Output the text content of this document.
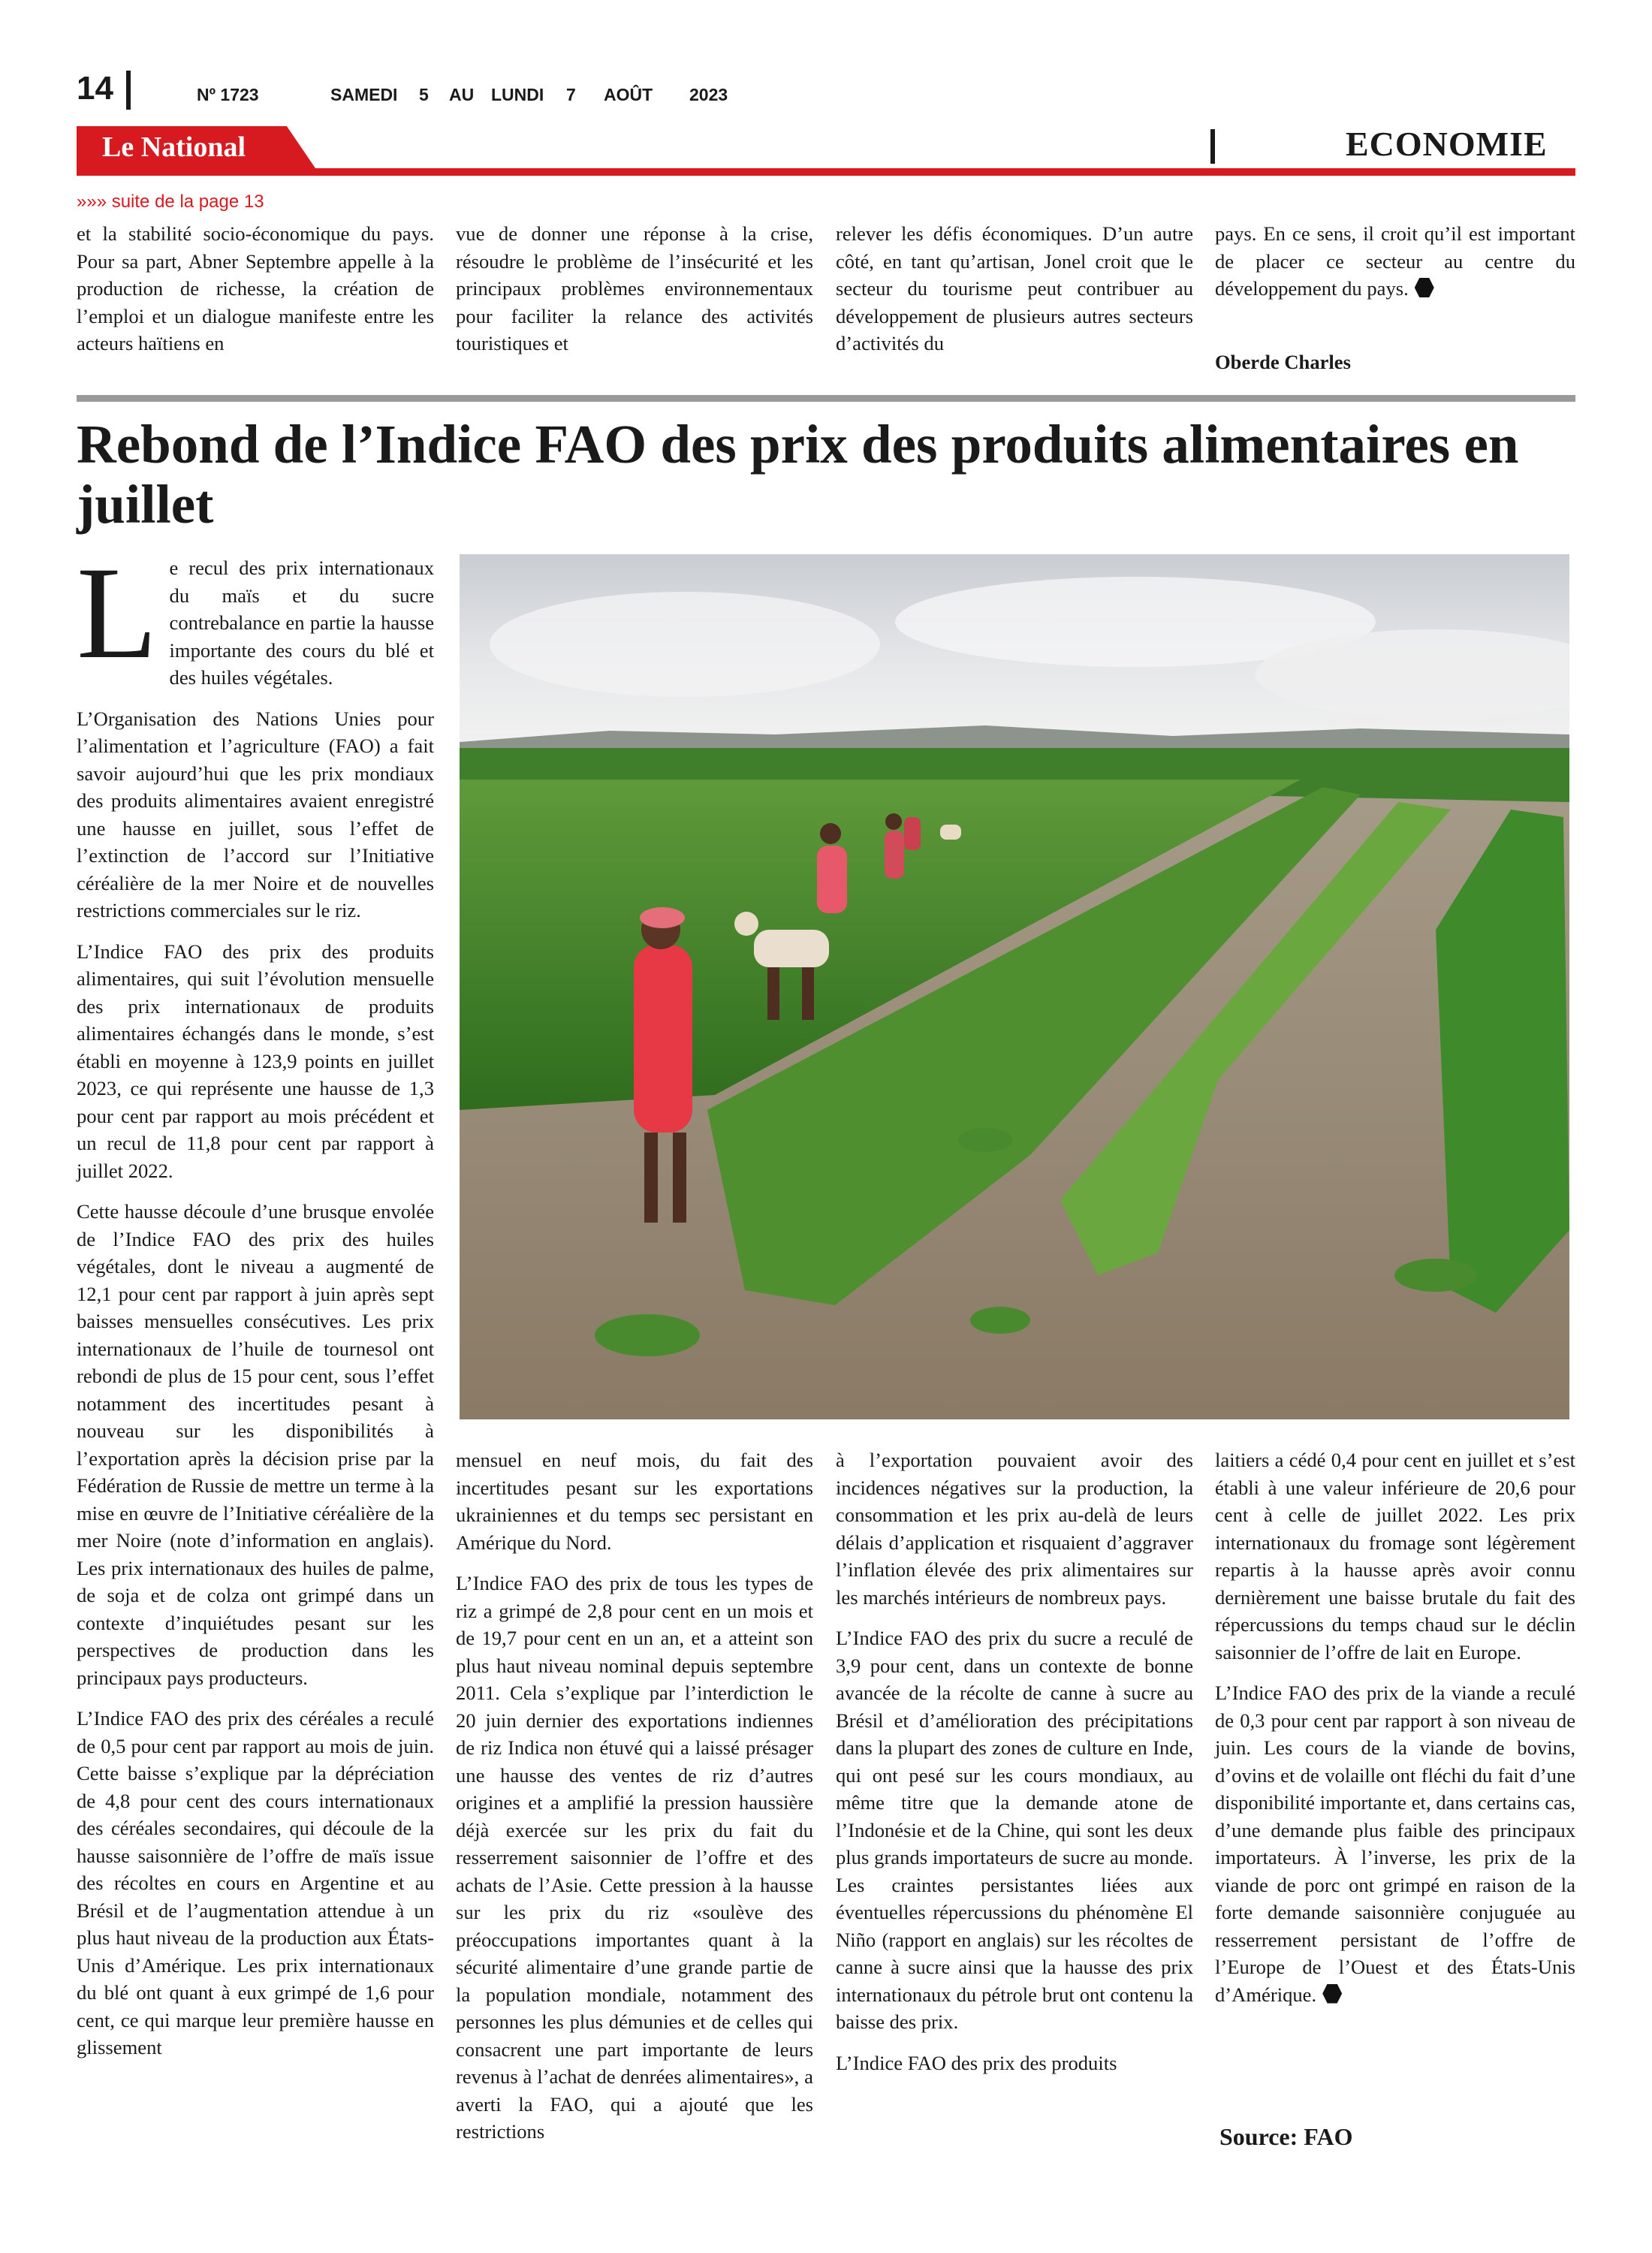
14	Nº 1723	SAMEDI 5 AU LUNDI 7 AOÛT 2023
Le National	ECONOMIE
»»» suite de la page 13

et la stabilité socio-économique du pays. Pour sa part, Abner Septembre appelle à la production de richesse, la création de l’emploi et un dialogue manifeste entre les acteurs haïtiens en

vue de donner une réponse à la crise, résoudre le problème de l’insécurité et les principaux problèmes environnementaux pour faciliter la relance des activités touristiques et

relever les défis économiques. D’un autre côté, en tant qu’artisan, Jonel croit que le secteur du tourisme peut contribuer au développement de plusieurs autres secteurs d’activités du

pays. En ce sens, il croit qu’il est important de placer ce secteur au centre du développement du pays.

Oberde Charles
Rebond de l’Indice FAO des prix des produits alimentaires en juillet

Le recul des prix internationaux du maïs et du sucre contrebalance en partie la hausse importante des cours du blé et des huiles végétales.

L’Organisation des Nations Unies pour l’alimentation et l’agriculture (FAO) a fait savoir aujourd’hui que les prix mondiaux des produits alimentaires avaient enregistré une hausse en juillet, sous l’effet de l’extinction de l’accord sur l’Initiative céréalière de la mer Noire et de nouvelles restrictions commerciales sur le riz.

L’Indice FAO des prix des produits alimentaires, qui suit l’évolution mensuelle des prix internationaux de produits alimentaires échangés dans le monde, s’est établi en moyenne à 123,9 points en juillet 2023, ce qui représente une hausse de 1,3 pour cent par rapport au mois précédent et un recul de 11,8 pour cent par rapport à juillet 2022.

Cette hausse découle d’une brusque envolée de l’Indice FAO des prix des huiles végétales, dont le niveau a augmenté de 12,1 pour cent par rapport à juin après sept baisses mensuelles consécutives. Les prix internationaux de l’huile de tournesol ont rebondi de plus de 15 pour cent, sous l’effet notamment des incertitudes pesant à nouveau sur les disponibilités à l’exportation après la décision prise par la Fédération de Russie de mettre un terme à la mise en œuvre de l’Initiative céréalière de la mer Noire (note d’information en anglais). Les prix internationaux des huiles de palme, de soja et de colza ont grimpé dans un contexte d’inquiétudes pesant sur les perspectives de production dans les principaux pays producteurs.

L’Indice FAO des prix des céréales a reculé de 0,5 pour cent par rapport au mois de juin. Cette baisse s’explique par la dépréciation de 4,8 pour cent des cours internationaux des céréales secondaires, qui découle de la hausse saisonnière de l’offre de maïs issue des récoltes en cours en Argentine et au Brésil et de l’augmentation attendue à un plus haut niveau de la production aux États-Unis d’Amérique. Les prix internationaux du blé ont quant à eux grimpé de 1,6 pour cent, ce qui marque leur première hausse en glissement

mensuel en neuf mois, du fait des incertitudes pesant sur les exportations ukrainiennes et du temps sec persistant en Amérique du Nord.

L’Indice FAO des prix de tous les types de riz a grimpé de 2,8 pour cent en un mois et de 19,7 pour cent en un an, et a atteint son plus haut niveau nominal depuis septembre 2011. Cela s’explique par l’interdiction le 20 juin dernier des exportations indiennes de riz Indica non étuvé qui a laissé présager une hausse des ventes de riz d’autres origines et a amplifié la pression haussière déjà exercée sur les prix du fait du resserrement saisonnier de l’offre et des achats de l’Asie. Cette pression à la hausse sur les prix du riz «soulève des préoccupations importantes quant à la sécurité alimentaire d’une grande partie de la population mondiale, notamment des personnes les plus démunies et de celles qui consacrent une part importante de leurs revenus à l’achat de denrées alimentaires», a averti la FAO, qui a ajouté que les restrictions

à l’exportation pouvaient avoir des incidences négatives sur la production, la consommation et les prix au-delà de leurs délais d’application et risquaient d’aggraver l’inflation élevée des prix alimentaires sur les marchés intérieurs de nombreux pays.

L’Indice FAO des prix du sucre a reculé de 3,9 pour cent, dans un contexte de bonne avancée de la récolte de canne à sucre au Brésil et d’amélioration des précipitations dans la plupart des zones de culture en Inde, qui ont pesé sur les cours mondiaux, au même titre que la demande atone de l’Indonésie et de la Chine, qui sont les deux plus grands importateurs de sucre au monde. Les craintes persistantes liées aux éventuelles répercussions du phénomène El Niño (rapport en anglais) sur les récoltes de canne à sucre ainsi que la hausse des prix internationaux du pétrole brut ont contenu la baisse des prix.

L’Indice FAO des prix des produits

laitiers a cédé 0,4 pour cent en juillet et s’est établi à une valeur inférieure de 20,6 pour cent à celle de juillet 2022. Les prix internationaux du fromage sont légèrement repartis à la hausse après avoir connu dernièrement une baisse brutale du fait des répercussions du temps chaud sur le déclin saisonnier de l’offre de lait en Europe.

L’Indice FAO des prix de la viande a reculé de 0,3 pour cent par rapport à son niveau de juin. Les cours de la viande de bovins, d’ovins et de volaille ont fléchi du fait d’une disponibilité importante et, dans certains cas, d’une demande plus faible des principaux importateurs. À l’inverse, les prix de la viande de porc ont grimpé en raison de la forte demande saisonnière conjuguée au resserrement persistant de l’offre de l’Europe de l’Ouest et des États-Unis d’Amérique.

Source: FAO
